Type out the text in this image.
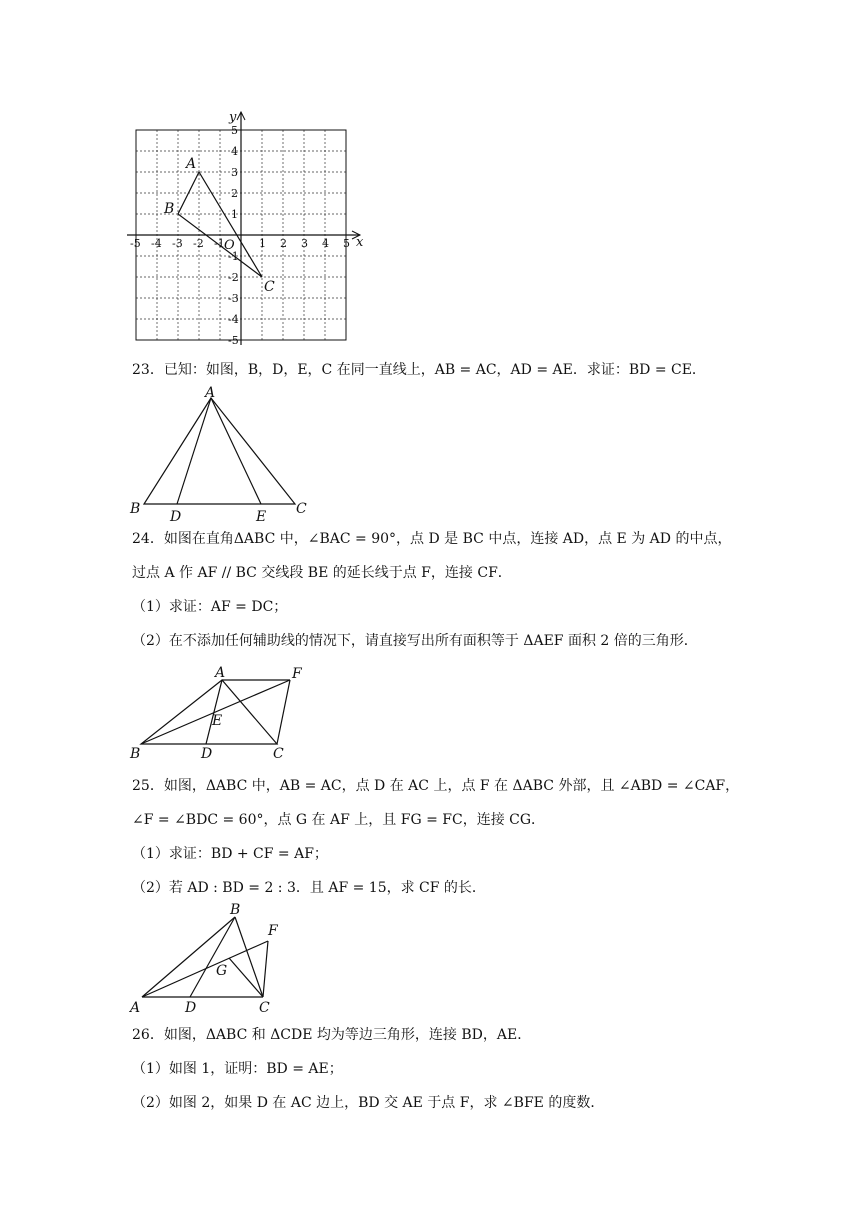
x
y
O
-5 -4 -3 -2 -1	1 2 3 4 5
5
4
3
2
1
-1
-2
-3
-4
-5
A
B
C
23．已知：如图，B，D，E，C 在同一直线上，AB = AC，AD = AE．求证：BD = CE．
A
B D	E C
24．如图在直角ΔABC 中，∠BAC = 90°，点 D 是 BC 中点，连接 AD，点 E 为 AD 的中点，
过点 A 作 AF // BC 交线段 BE 的延长线于点 F，连接 CF．
（1）求证：AF = DC；
（2）在不添加任何辅助线的情况下，请直接写出所有面积等于 ΔAEF 面积 2 倍的三角形．
A	F
E
B	D	C
25．如图，ΔABC 中，AB = AC，点 D 在 AC 上，点 F 在 ΔABC 外部，且 ∠ABD = ∠CAF，
∠F = ∠BDC = 60°，点 G 在 AF 上，且 FG = FC，连接 CG．
（1）求证：BD + CF = AF；
（2）若 AD : BD = 2 : 3．且 AF = 15，求 CF 的长．
B
F
G
A	D	C
26．如图，ΔABC 和 ΔCDE 均为等边三角形，连接 BD，AE．
（1）如图 1，证明：BD = AE；
（2）如图 2，如果 D 在 AC 边上，BD 交 AE 于点 F，求 ∠BFE 的度数．
